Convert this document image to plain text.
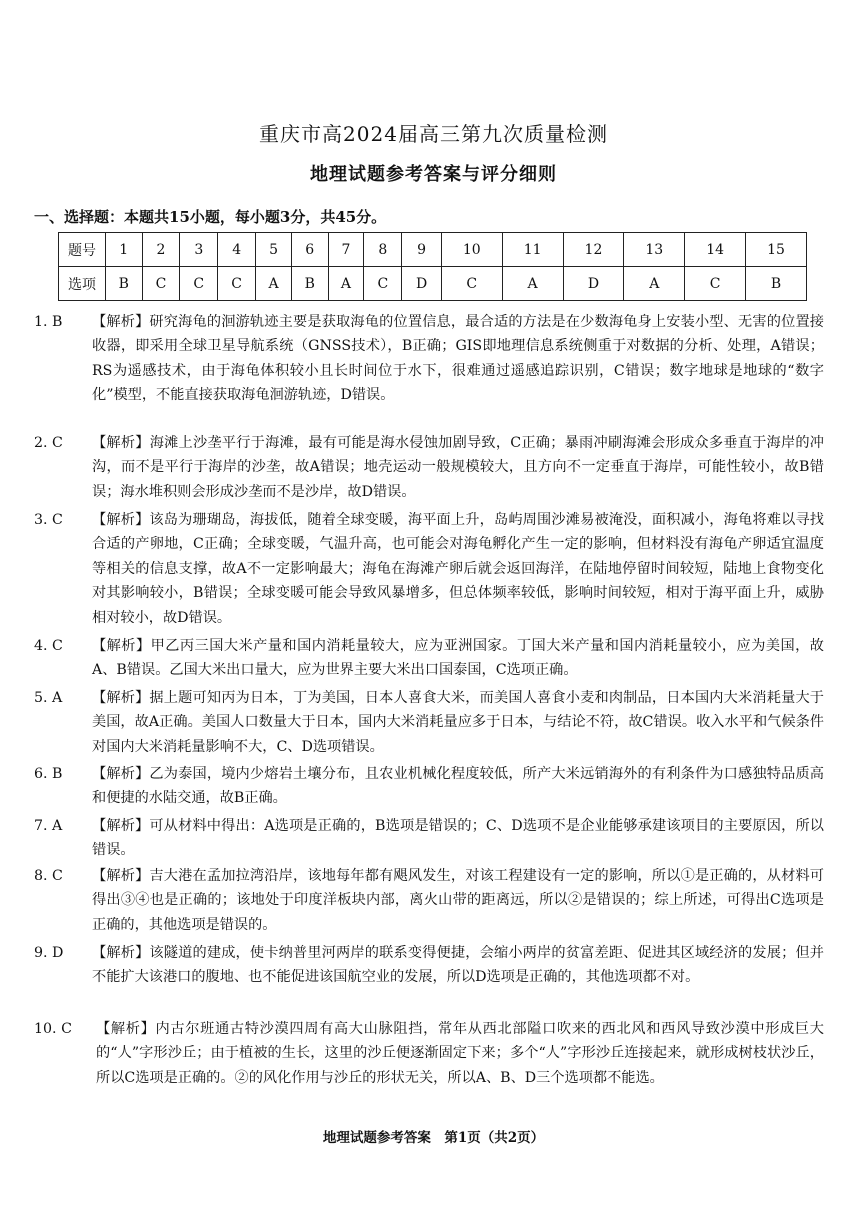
重庆市高2024届高三第九次质量检测
地理试题参考答案与评分细则
一、选择题：本题共15小题，每小题3分，共45分。
题号	1	2	3	4	5	6	7	8	9	10	11	12	13	14	15
选项	B	C	C	C	A	B	A	C	D	C	A	D	A	C	B
1. B	【解析】研究海龟的洄游轨迹主要是获取海龟的位置信息，最合适的方法是在少数海龟身上安装小型、无害的位置接收器，即采用全球卫星导航系统（GNSS技术），B正确；GIS即地理信息系统侧重于对数据的分析、处理，A错误；RS为遥感技术，由于海龟体积较小且长时间位于水下，很难通过遥感追踪识别，C错误；数字地球是地球的“数字化”模型，不能直接获取海龟洄游轨迹，D错误。
2. C	【解析】海滩上沙垄平行于海滩，最有可能是海水侵蚀加剧导致，C正确；暴雨冲刷海滩会形成众多垂直于海岸的冲沟，而不是平行于海岸的沙垄，故A错误；地壳运动一般规模较大，且方向不一定垂直于海岸，可能性较小，故B错误；海水堆积则会形成沙垄而不是沙岸，故D错误。
3. C	【解析】该岛为珊瑚岛，海拔低，随着全球变暖，海平面上升，岛屿周围沙滩易被淹没，面积减小，海龟将难以寻找合适的产卵地，C正确；全球变暖，气温升高，也可能会对海龟孵化产生一定的影响，但材料没有海龟产卵适宜温度等相关的信息支撑，故A不一定影响最大；海龟在海滩产卵后就会返回海洋，在陆地停留时间较短，陆地上食物变化对其影响较小，B错误；全球变暖可能会导致风暴增多，但总体频率较低，影响时间较短，相对于海平面上升，威胁相对较小，故D错误。
4. C	【解析】甲乙丙三国大米产量和国内消耗量较大，应为亚洲国家。丁国大米产量和国内消耗量较小，应为美国，故A、B错误。乙国大米出口量大，应为世界主要大米出口国泰国，C选项正确。
5. A	【解析】据上题可知丙为日本，丁为美国，日本人喜食大米，而美国人喜食小麦和肉制品，日本国内大米消耗量大于美国，故A正确。美国人口数量大于日本，国内大米消耗量应多于日本，与结论不符，故C错误。收入水平和气候条件对国内大米消耗量影响不大，C、D选项错误。
6. B	【解析】乙为泰国，境内少熔岩土壤分布，且农业机械化程度较低，所产大米远销海外的有利条件为口感独特品质高和便捷的水陆交通，故B正确。
7. A	【解析】可从材料中得出：A选项是正确的，B选项是错误的；C、D选项不是企业能够承建该项目的主要原因，所以错误。
8. C	【解析】吉大港在孟加拉湾沿岸，该地每年都有飓风发生，对该工程建设有一定的影响，所以①是正确的，从材料可得出③④也是正确的；该地处于印度洋板块内部，离火山带的距离远，所以②是错误的；综上所述，可得出C选项是正确的，其他选项是错误的。
9. D	【解析】该隧道的建成，使卡纳普里河两岸的联系变得便捷，会缩小两岸的贫富差距、促进其区域经济的发展；但并不能扩大该港口的腹地、也不能促进该国航空业的发展，所以D选项是正确的，其他选项都不对。
10. C	【解析】内古尔班通古特沙漠四周有高大山脉阻挡，常年从西北部隘口吹来的西北风和西风导致沙漠中形成巨大的“人”字形沙丘；由于植被的生长，这里的沙丘便逐渐固定下来；多个“人”字形沙丘连接起来，就形成树枝状沙丘，所以C选项是正确的。②的风化作用与沙丘的形状无关，所以A、B、D三个选项都不能选。
地理试题参考答案　第1页（共2页）
